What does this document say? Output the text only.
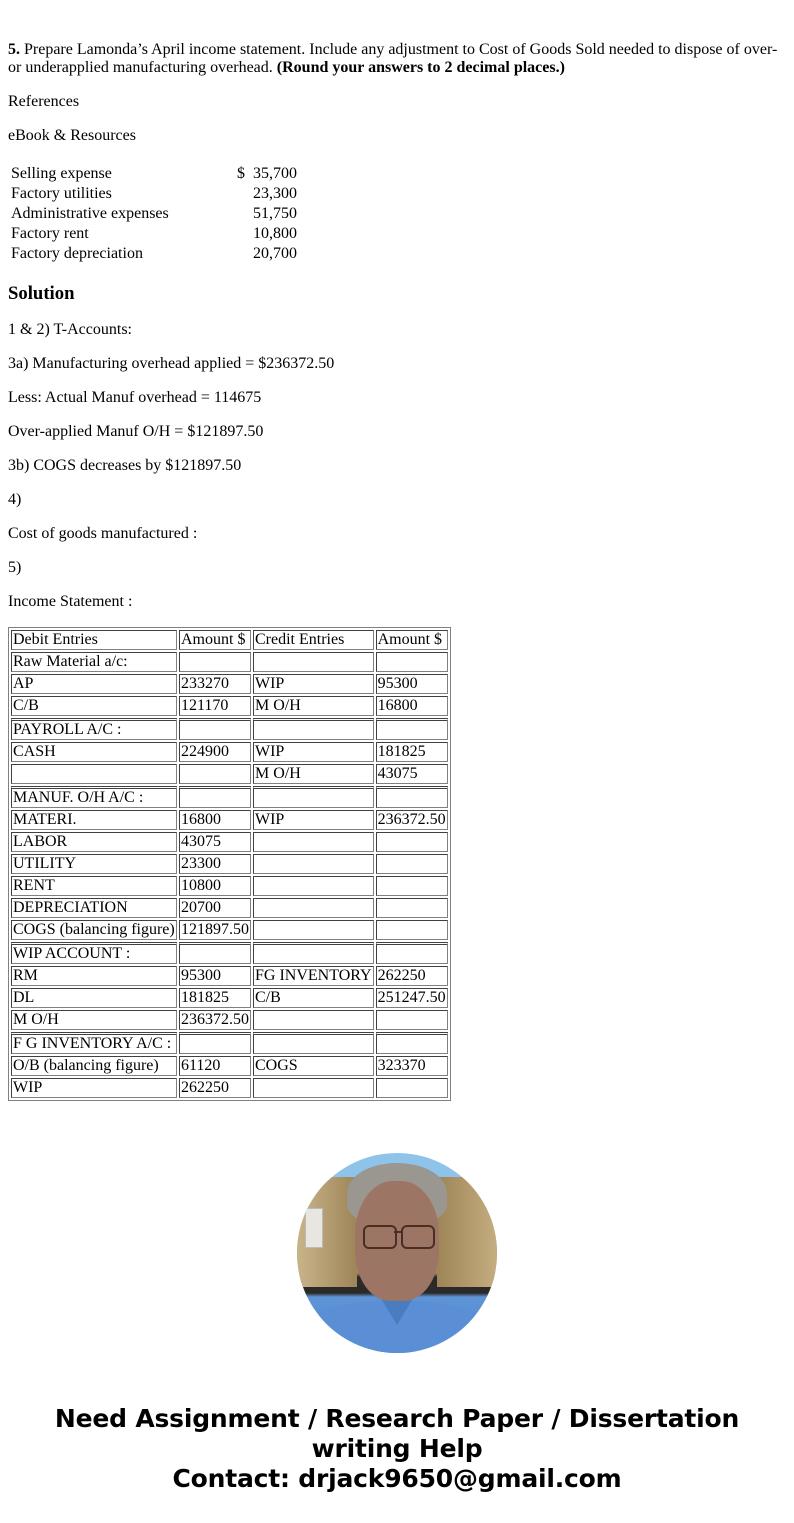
5. Prepare Lamonda’s April income statement. Include any adjustment to Cost of Goods Sold needed to dispose of over- or underapplied manufacturing overhead. (Round your answers to 2 decimal places.)

References

eBook & Resources

Selling expense	$	35,700
Factory utilities		23,300
Administrative expenses		51,750
Factory rent		10,800
Factory depreciation		20,700
Solution

1 & 2) T-Accounts:

3a) Manufacturing overhead applied = $236372.50

Less: Actual Manuf overhead = 114675

Over-applied Manuf O/H = $121897.50

3b) COGS decreases by $121897.50

4)

Cost of goods manufactured :

5)

Income Statement :

Debit Entries	Amount $	Credit Entries	Amount $
Raw Material a/c:			
AP	233270	WIP	95300
C/B	121170	M O/H	16800
PAYROLL A/C :			
CASH	224900	WIP	181825
		M O/H	43075
MANUF. O/H A/C :			
MATERI.	16800	WIP	236372.50
LABOR	43075		
UTILITY	23300		
RENT	10800		
DEPRECIATION	20700		
COGS (balancing figure)	121897.50		
WIP ACCOUNT :			
RM	95300	FG INVENTORY	262250
DL	181825	C/B	251247.50
M O/H	236372.50		
F G INVENTORY A/C :			
O/B (balancing figure)	61120	COGS	323370
WIP	262250		
Need Assignment / Research Paper / Dissertation
writing Help
Contact: drjack9650@gmail.com
